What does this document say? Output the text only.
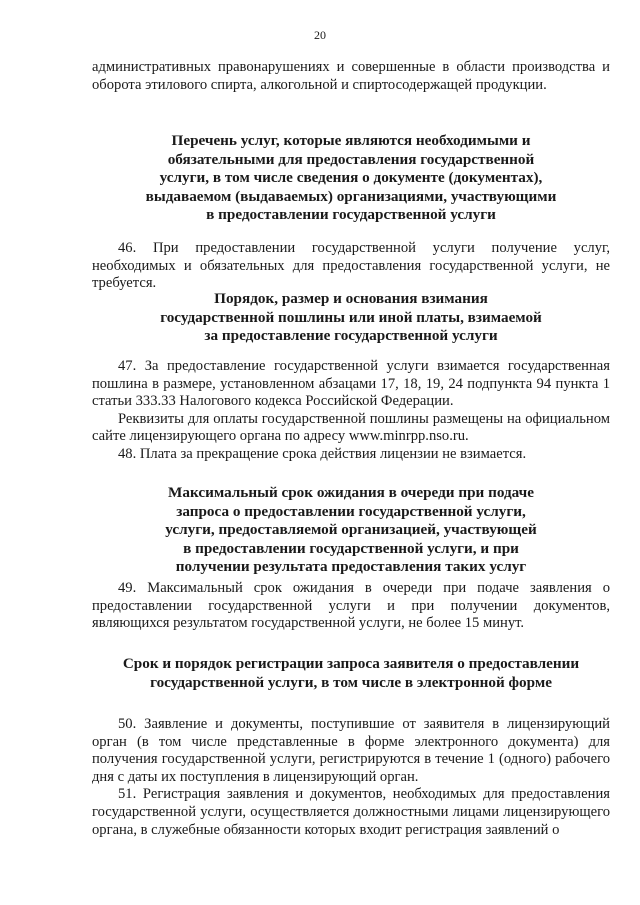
20

административных правонарушениях и совершенные в области производства и оборота этилового спирта, алкогольной и спиртосодержащей продукции.

Перечень услуг, которые являются необходимыми и

обязательными для предоставления государственной

услуги, в том числе сведения о документе (документах),

выдаваемом (выдаваемых) организациями, участвующими

в предоставлении государственной услуги

46. При предоставлении государственной услуги получение услуг, необходимых и обязательных для предоставления государственной услуги, не требуется.

Порядок, размер и основания взимания

государственной пошлины или иной платы, взимаемой

за предоставление государственной услуги

47. За предоставление государственной услуги взимается государственная пошлина в размере, установленном абзацами 17, 18, 19, 24 подпункта 94 пункта 1 статьи 333.33 Налогового кодекса Российской Федерации.

Реквизиты для оплаты государственной пошлины размещены на официальном сайте лицензирующего органа по адресу www.minrpp.nso.ru.

48. Плата за прекращение срока действия лицензии не взимается.

Максимальный срок ожидания в очереди при подаче

запроса о предоставлении государственной услуги,

услуги, предоставляемой организацией, участвующей

в предоставлении государственной услуги, и при

получении результата предоставления таких услуг

49. Максимальный срок ожидания в очереди при подаче заявления о предоставлении государственной услуги и при получении документов, являющихся результатом государственной услуги, не более 15 минут.

Срок и порядок регистрации запроса заявителя о предоставлении

государственной услуги, в том числе в электронной форме

50. Заявление и документы, поступившие от заявителя в лицензирующий орган (в том числе представленные в форме электронного документа) для получения государственной услуги, регистрируются в течение 1 (одного) рабочего дня с даты их поступления в лицензирующий орган.

51. Регистрация заявления и документов, необходимых для предоставления государственной услуги, осуществляется должностными лицами лицензирующего органа, в служебные обязанности которых входит регистрация заявлений о
